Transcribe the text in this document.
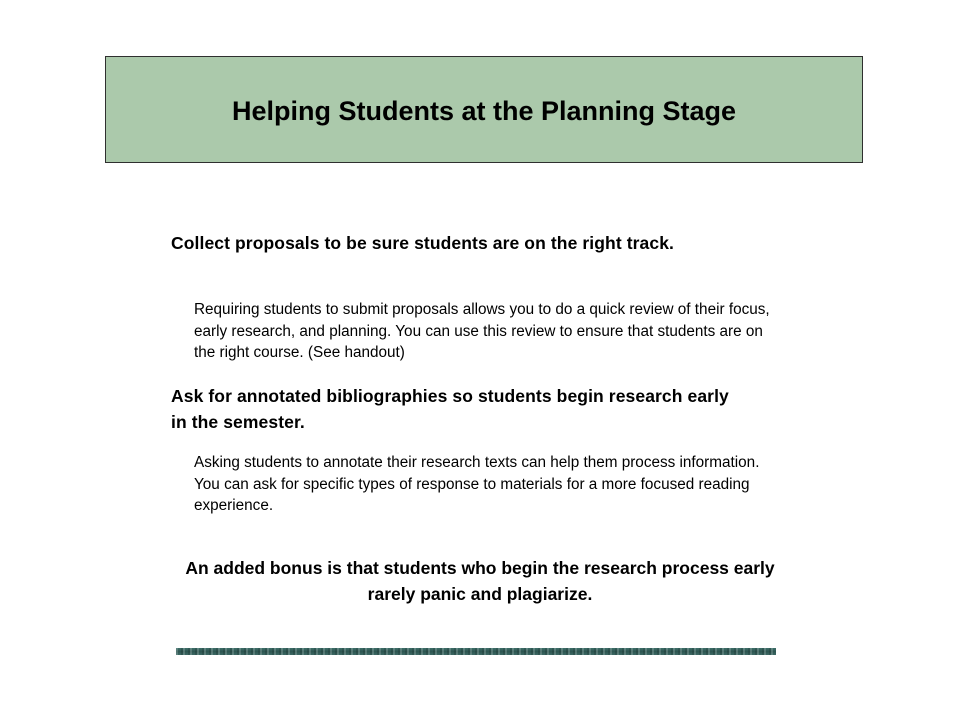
Helping Students at the Planning Stage

Collect proposals to be sure students are on the right track.

Requiring students to submit proposals allows you to do a quick review of their focus, early research, and planning. You can use this review to ensure that students are on the right course. (See handout)

Ask for annotated bibliographies so students begin research early in the semester.

Asking students to annotate their research texts can help them process information. You can ask for specific types of response to materials for a more focused reading experience.

An added bonus is that students who begin the research process early rarely panic and plagiarize.
